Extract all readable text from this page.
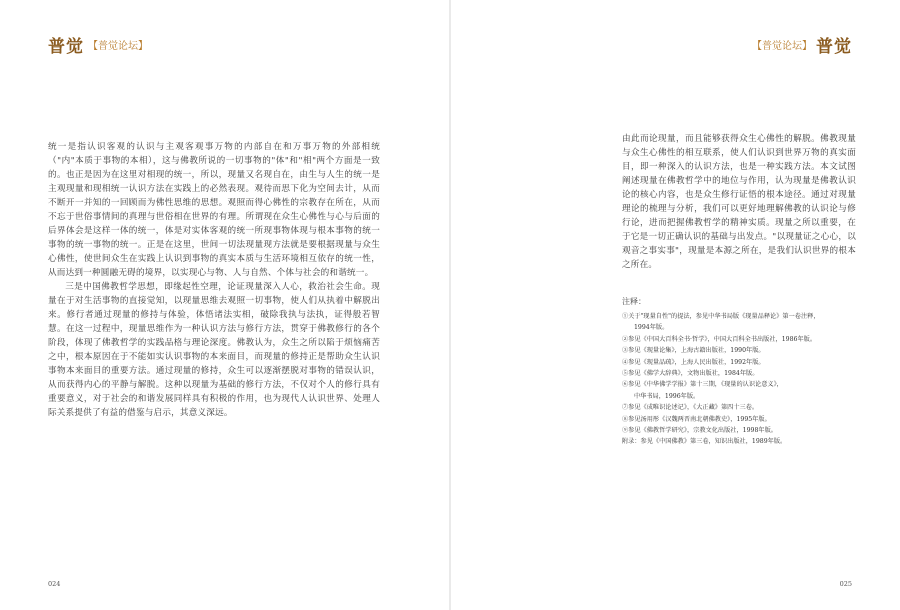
普觉 【普觉论坛】

统一是指认识客观的认识与主观客观事万物的内部自在和万事万物的外部相统（"内"本质于事物的本相），这与佛教所说的一切事物的"体"和"相"两个方面是一致的。也正是因为在这里对相现的统一，所以，现量又名现自在，由生与人生的统一是主观现量和现相统一认识方法在实践上的必然表现。观待而思下化为空间去计，从而不断开一并知的一回顾而为佛性思维的思想。观照而得心佛性的宗教存在所在，从而不忘于世俗事情间的真理与世俗相在世界的有理。所谓现在众生心佛性与心与后面的后界体会是这样一体的统一，体是对实体客观的统一所现事物体现与根本事物的统一事物的统一事物的统一。正是在这里，世间一切法现量现方法就是要根据现量与众生心佛性，使世间众生在实践上认识到事物的真实本质与生活环境相互依存的统一性，从而达到一种圆融无碍的境界，以实现心与物、人与自然、个体与社会的和谐统一。

三是中国佛教哲学思想，即缘起性空理，论证现量深入人心，救治社会生命。现量在于对生活事物的直接觉知，以现量思维去观照一切事物，使人们从执着中解脱出来。修行者通过现量的修持与体验，体悟诸法实相，破除我执与法执，证得般若智慧。在这一过程中，现量思维作为一种认识方法与修行方法，贯穿于佛教修行的各个阶段，体现了佛教哲学的实践品格与理论深度。佛教认为，众生之所以陷于烦恼痛苦之中，根本原因在于不能如实认识事物的本来面目，而现量的修持正是帮助众生认识事物本来面目的重要方法。通过现量的修持，众生可以逐渐摆脱对事物的错误认识，从而获得内心的平静与解脱。这种以现量为基础的修行方法，不仅对个人的修行具有重要意义，对于社会的和谐发展同样具有积极的作用，也为现代人认识世界、处理人际关系提供了有益的借鉴与启示，其意义深远。

024
【普觉论坛】 普觉

由此而论现量，而且能够获得众生心佛性的解脱。佛教现量与众生心佛性的相互联系，使人们认识到世界万物的真实面目，即一种深入的认识方法，也是一种实践方法。本文试图阐述现量在佛教哲学中的地位与作用，认为现量是佛教认识论的核心内容，也是众生修行证悟的根本途径。通过对现量理论的梳理与分析，我们可以更好地理解佛教的认识论与修行论，进而把握佛教哲学的精神实质。现量之所以重要，在于它是一切正确认识的基础与出发点。"以现量证之心心，以观音之事实事"，现量是本源之所在，是我们认识世界的根本之所在。

注释：
①关于"现量自性"的提法，参见中华书局版《现量品释论》第一卷注释，
1994年版。
②参见《中国大百科全书·哲学》，中国大百科全书出版社，1986年版。
③参见《现量论集》，上海古籍出版社，1990年版。
④参见《现量品疏》，上海人民出版社，1992年版。
⑤参见《佛学大辞典》，文物出版社，1984年版。
⑥参见《中华佛学学报》第十三期，《现量的认识论意义》，
中华书局，1996年版。
⑦参见《成唯识论述记》，《大正藏》第四十三卷。
⑧参见汤用彤《汉魏两晋南北朝佛教史》，1995年版。
⑨参见《佛教哲学研究》，宗教文化出版社，1998年版。
附录：参见《中国佛教》第三卷，知识出版社，1989年版。
025
